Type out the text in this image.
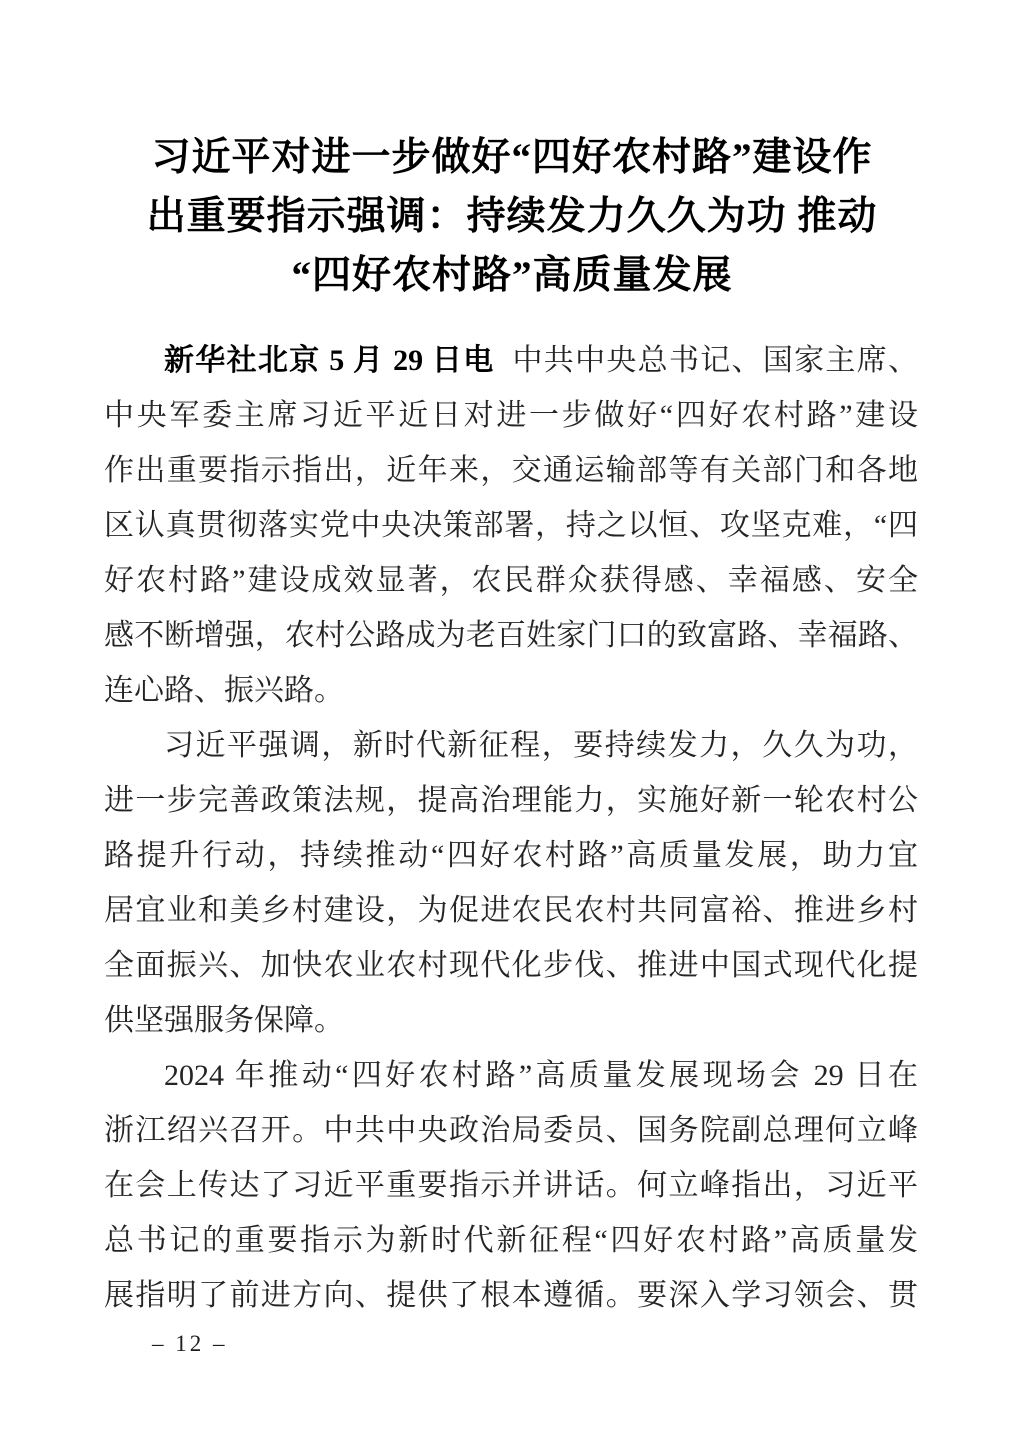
习近平对进一步做好“四好农村路”建设作
出重要指示强调：持续发力久久为功 推动
“四好农村路”高质量发展
新华社北京 5 月 29 日电 中共中央总书记、国家主席、
中央军委主席习近平近日对进一步做好“四好农村路”建设
作出重要指示指出，近年来，交通运输部等有关部门和各地
区认真贯彻落实党中央决策部署，持之以恒、攻坚克难，“四
好农村路”建设成效显著，农民群众获得感、幸福感、安全
感不断增强，农村公路成为老百姓家门口的致富路、幸福路、
连心路、振兴路。
习近平强调，新时代新征程，要持续发力，久久为功，
进一步完善政策法规，提高治理能力，实施好新一轮农村公
路提升行动，持续推动“四好农村路”高质量发展，助力宜
居宜业和美乡村建设，为促进农民农村共同富裕、推进乡村
全面振兴、加快农业农村现代化步伐、推进中国式现代化提
供坚强服务保障。
2024 年推动“四好农村路”高质量发展现场会 29 日在
浙江绍兴召开。中共中央政治局委员、国务院副总理何立峰
在会上传达了习近平重要指示并讲话。何立峰指出，习近平
总书记的重要指示为新时代新征程“四好农村路”高质量发
展指明了前进方向、提供了根本遵循。要深入学习领会、贯
– 12 –
